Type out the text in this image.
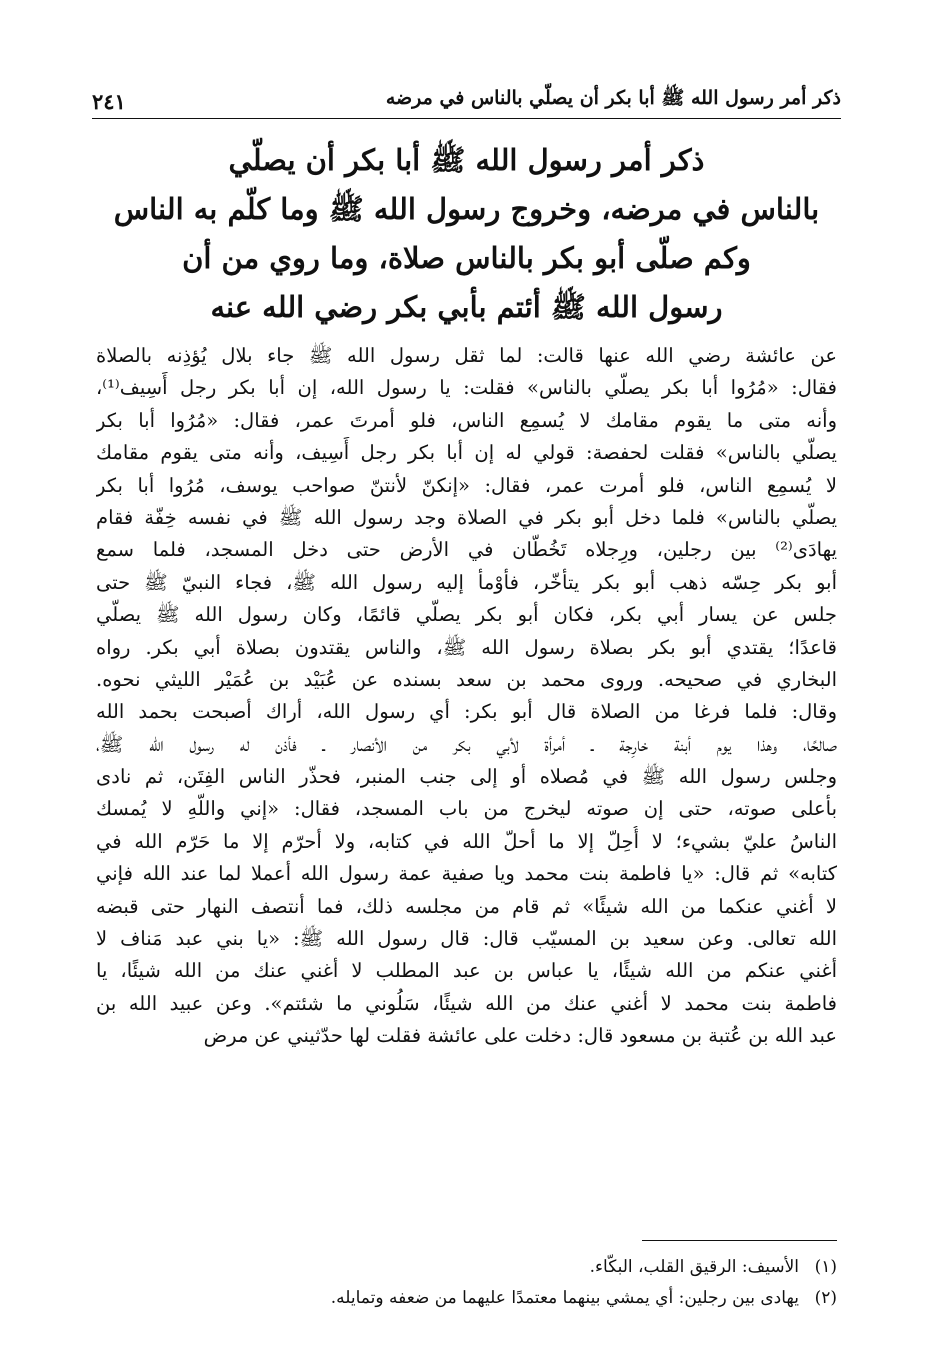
ذكر أمر رسول الله ﷺ أبا بكر أن يصلّي بالناس في مرضه
٢٤١
ذكر أمر رسول الله ﷺ أبا بكر أن يصلّي
بالناس في مرضه، وخروج رسول الله ﷺ وما كلّم به الناس
وكم صلّى أبو بكر بالناس صلاة، وما روي من أن
رسول الله ﷺ أئتم بأبي بكر رضي الله عنه
عن عائشة رضي الله عنها قالت: لما ثقل رسول الله ﷺ جاء بلال يُؤذِنه بالصلاة
فقال: «مُرُوا أبا بكر يصلّي بالناس» فقلت: يا رسول الله، إن أبا بكر رجل أَسِيف⁽¹⁾،
وأنه متى ما يقوم مقامك لا يُسمِع الناس، فلو أمرتَ عمر، فقال: «مُرُوا أبا بكر
يصلّي بالناس» فقلت لحفصة: قولي له إن أبا بكر رجل أَسِيف، وأنه متى يقوم مقامك
لا يُسمِع الناس، فلو أمرت عمر، فقال: «إنكنّ لأنتنّ صواحب يوسف، مُرُوا أبا بكر
يصلّي بالناس» فلما دخل أبو بكر في الصلاة وجد رسول الله ﷺ في نفسه خِفّة فقام
يهادَى⁽²⁾ بين رجلين، ورِجلاه تَخُطّان في الأرض حتى دخل المسجد، فلما سمع
أبو بكر حِسّه ذهب أبو بكر يتأخّر، فأوْمأ إليه رسول الله ﷺ، فجاء النبيّ ﷺ حتى
جلس عن يسار أبي بكر، فكان أبو بكر يصلّي قائمًا، وكان رسول الله ﷺ يصلّي
قاعدًا؛ يقتدي أبو بكر بصلاة رسول الله ﷺ، والناس يقتدون بصلاة أبي بكر. رواه
البخاري في صحيحه. وروى محمد بن سعد بسنده عن عُبَيْد بن عُمَيْر الليثي نحوه.
وقال: فلما فرغا من الصلاة قال أبو بكر: أي رسول الله، أراك أصبحت بحمد الله
صالحًا، وهذا يوم أبنة خارِجة ـ أمرأة لأبي بكر من الأنصار ـ فأذن له رسول الله ﷺ،
وجلس رسول الله ﷺ في مُصلاه أو إلى جنب المنبر، فحذّر الناس الفِتَن، ثم نادى
بأعلى صوته، حتى إن صوته ليخرج من باب المسجد، فقال: «إني واللّهِ لا يُمسك
الناسُ عليّ بشيء؛ لا أُحِلّ إلا ما أحلّ الله في كتابه، ولا أحرّم إلا ما حَرّم الله في
كتابه» ثم قال: «يا فاطمة بنت محمد ويا صفية عمة رسول الله أعملا لما عند الله فإني
لا أغني عنكما من الله شيئًا» ثم قام من مجلسه ذلك، فما أنتصف النهار حتى قبضه
الله تعالى. وعن سعيد بن المسيّب قال: قال رسول الله ﷺ: «يا بني عبد مَناف لا
أغني عنكم من الله شيئًا، يا عباس بن عبد المطلب لا أغني عنك من الله شيئًا، يا
فاطمة بنت محمد لا أغني عنك من الله شيئًا، سَلُوني ما شئتم». وعن عبيد الله بن
عبد الله بن عُتبة بن مسعود قال: دخلت على عائشة فقلت لها حدّثيني عن مرض
(١)
الأسيف: الرقيق القلب، البكّاء.
(٢)
يهادى بين رجلين: أي يمشي بينهما معتمدًا عليهما من ضعفه وتمايله.
